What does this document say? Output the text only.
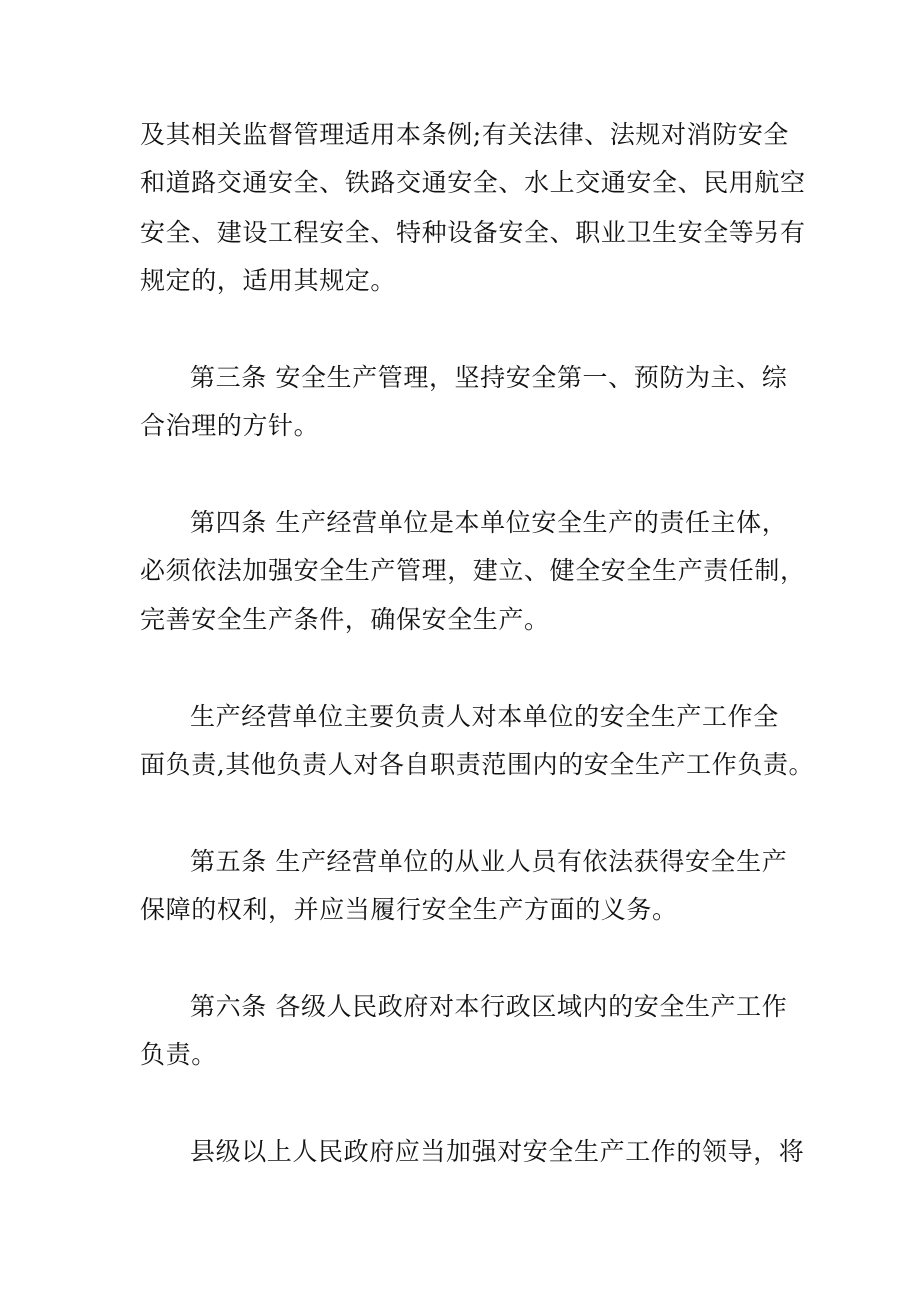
及其相关监督管理适用本条例;有关法律、法规对消防安全
和道路交通安全、铁路交通安全、水上交通安全、民用航空
安全、建设工程安全、特种设备安全、职业卫生安全等另有
规定的，适用其规定。
第三条 安全生产管理，坚持安全第一、预防为主、综
合治理的方针。
第四条 生产经营单位是本单位安全生产的责任主体，
必须依法加强安全生产管理，建立、健全安全生产责任制，
完善安全生产条件，确保安全生产。
生产经营单位主要负责人对本单位的安全生产工作全
面负责,其他负责人对各自职责范围内的安全生产工作负责。
第五条 生产经营单位的从业人员有依法获得安全生产
保障的权利，并应当履行安全生产方面的义务。
第六条 各级人民政府对本行政区域内的安全生产工作
负责。
县级以上人民政府应当加强对安全生产工作的领导，将
